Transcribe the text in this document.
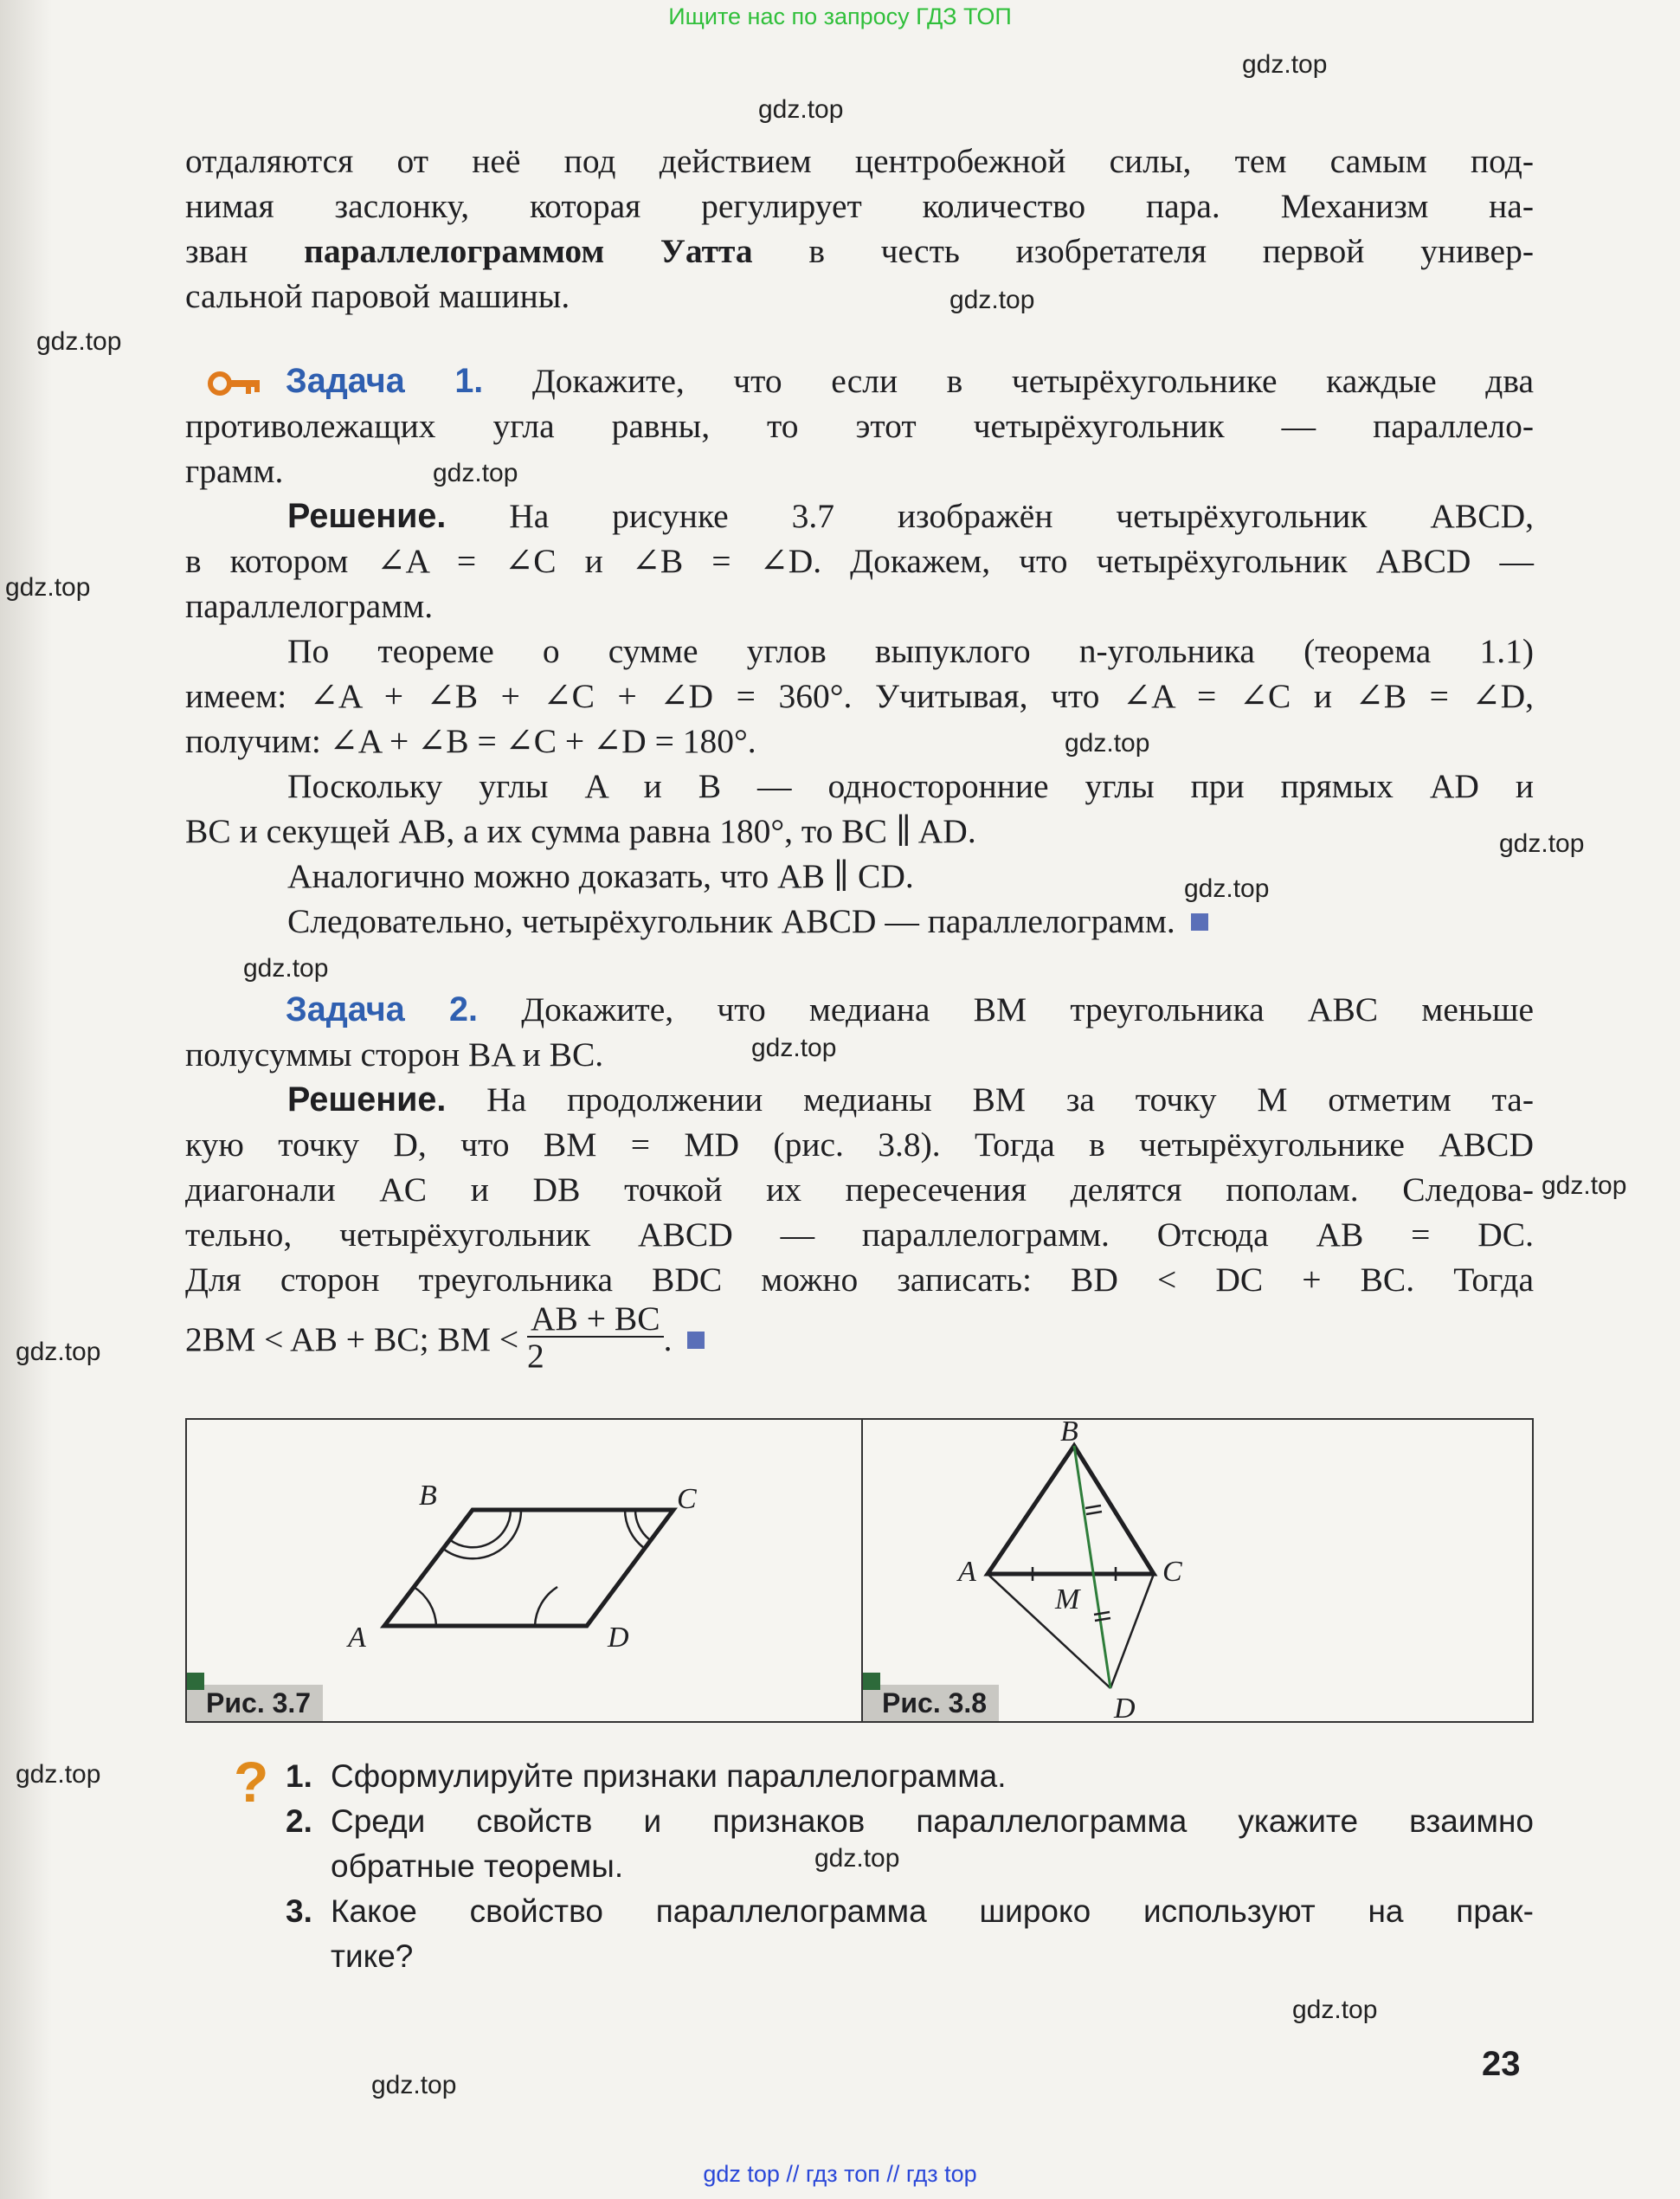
Ищите нас по запросу ГДЗ ТОП
gdz.top
gdz.top
gdz.top
gdz.top
gdz.top
gdz.top
gdz.top
gdz.top
gdz.top
gdz.top
gdz.top
gdz.top
gdz.top
gdz.top
gdz.top
gdz.top
gdz.top
отдаляются от неё под действием центробежной силы, тем самым под-
нимая заслонку, которая регулирует количество пара. Механизм на-
зван параллелограммом Уатта в честь изобретателя первой универ-
сальной паровой машины.
Задача 1. Докажите, что если в четырёхугольнике каждые два
противолежащих угла равны, то этот четырёхугольник — параллело-
грамм.
Решение. На рисунке 3.7 изображён четырёхугольник ABCD,
в котором ∠A = ∠C и ∠B = ∠D. Докажем, что четырёхугольник ABCD —
параллелограмм.
По теореме о сумме углов выпуклого n-угольника (теорема 1.1)
имеем: ∠A + ∠B + ∠C + ∠D = 360°. Учитывая, что ∠A = ∠C и ∠B = ∠D,
получим: ∠A + ∠B = ∠C + ∠D = 180°.
Поскольку углы A и B — односторонние углы при прямых AD и
BC и секущей AB, а их сумма равна 180°, то BC ∥ AD.
Аналогично можно доказать, что AB ∥ CD.
Следовательно, четырёхугольник ABCD — параллелограмм.
Задача 2. Докажите, что медиана BM треугольника ABC меньше
полусуммы сторон BA и BC.
Решение. На продолжении медианы BM за точку M отметим та-
кую точку D, что BM = MD (рис. 3.8). Тогда в четырёхугольнике ABCD
диагонали AC и DB точкой их пересечения делятся пополам. Следова-
тельно, четырёхугольник ABCD — параллелограмм. Отсюда AB = DC.
Для сторон треугольника BDC можно записать: BD < DC + BC. Тогда
2BM < AB + BC; BM < $\frac{AB + BC}{2}$ .
A
B	C
D
Рис. 3.7
B
A	C
M
D
Рис. 3.8
? 1. Сформулируйте признаки параллелограмма.
2. Среди свойств и признаков параллелограмма укажите взаимно
обратные теоремы.
3. Какое свойство параллелограмма широко используют на прак-
тике?
23
gdz top // гдз топ // гдз top
